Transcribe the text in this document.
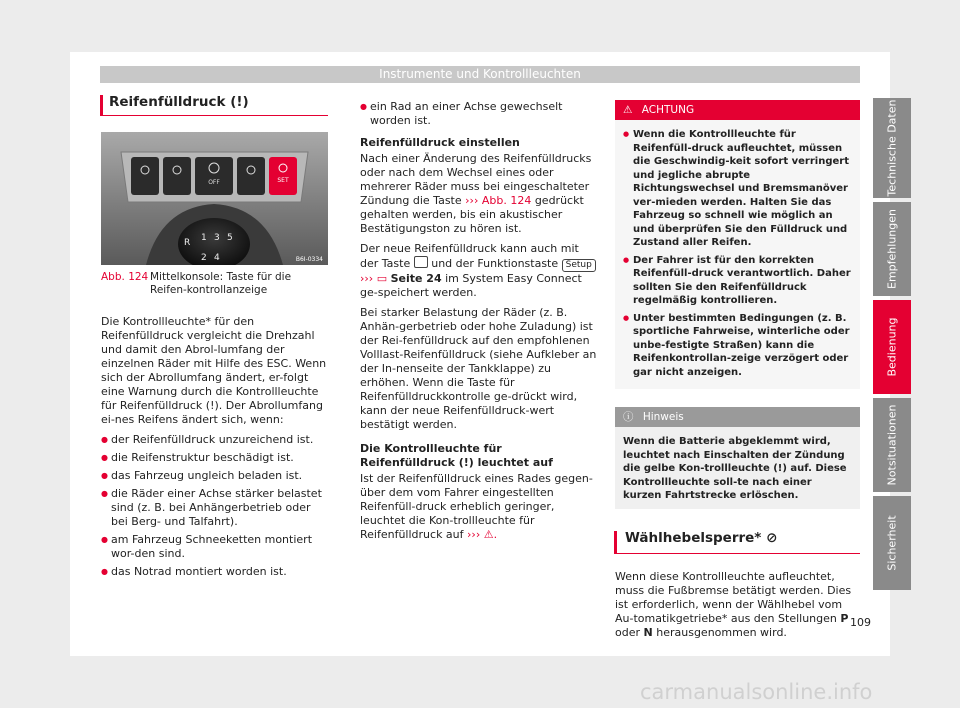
Instrumente und Kontrollleuchten
Reifenfülldruck (!)
OFF	SET
R 1 3 5
2 4	B6I-0334
Abb. 124 Mittelkonsole: Taste für die Reifen-kontrollanzeige

Die Kontrollleuchte* für den Reifenfülldruck vergleicht die Drehzahl und damit den Abrol-lumfang der einzelnen Räder mit Hilfe des ESC. Wenn sich der Abrollumfang ändert, er-folgt eine Warnung durch die Kontrollleuchte für Reifenfülldruck (!). Der Abrollumfang ei-nes Reifens ändert sich, wenn:

● der Reifenfülldruck unzureichend ist.
● die Reifenstruktur beschädigt ist.
● das Fahrzeug ungleich beladen ist.
● die Räder einer Achse stärker belastet sind (z. B. bei Anhängerbetrieb oder bei Berg- und Talfahrt).
● am Fahrzeug Schneeketten montiert wor-den sind.
● das Notrad montiert worden ist.
● ein Rad an einer Achse gewechselt worden ist.
Reifenfülldruck einstellen

Nach einer Änderung des Reifenfülldrucks oder nach dem Wechsel eines oder mehrerer Räder muss bei eingeschalteter Zündung die Taste ››› Abb. 124 gedrückt gehalten werden, bis ein akustischer Bestätigungston zu hören ist.

Der neue Reifenfülldruck kann auch mit der Taste und der Funktionstaste Setup ››› ▭ Seite 24 im System Easy Connect ge-speichert werden.

Bei starker Belastung der Räder (z. B. Anhän-gerbetrieb oder hohe Zuladung) ist der Rei-fenfülldruck auf den empfohlenen Volllast-Reifenfülldruck (siehe Aufkleber an der In-nenseite der Tankklappe) zu erhöhen. Wenn die Taste für Reifenfülldruckkontrolle ge-drückt wird, kann der neue Reifenfülldruck-wert bestätigt werden.

Die Kontrollleuchte für Reifenfülldruck (!) leuchtet auf

Ist der Reifenfülldruck eines Rades gegen-über dem vom Fahrer eingestellten Reifenfüll-druck erheblich geringer, leuchtet die Kon-trollleuchte für Reifenfülldruck auf ››› ⚠.

⚠ ACHTUNG
● Wenn die Kontrollleuchte für Reifenfüll-druck aufleuchtet, müssen die Geschwindig-keit sofort verringert und jegliche abrupte Richtungswechsel und Bremsmanöver ver-mieden werden. Halten Sie das Fahrzeug so schnell wie möglich an und überprüfen Sie den Fülldruck und Zustand aller Reifen.
● Der Fahrer ist für den korrekten Reifenfüll-druck verantwortlich. Daher sollten Sie den Reifenfülldruck regelmäßig kontrollieren.
● Unter bestimmten Bedingungen (z. B. sportliche Fahrweise, winterliche oder unbe-festigte Straßen) kann die Reifenkontrollan-zeige verzögert oder gar nicht anzeigen.
ⓘ Hinweis
Wenn die Batterie abgeklemmt wird, leuchtet nach Einschalten der Zündung die gelbe Kon-trollleuchte (!) auf. Diese Kontrollleuchte soll-te nach einer kurzen Fahrtstrecke erlöschen.
Wählhebelsperre* ⊘

Wenn diese Kontrollleuchte aufleuchtet, muss die Fußbremse betätigt werden. Dies ist erforderlich, wenn der Wählhebel vom Au-tomatikgetriebe* aus den Stellungen P oder N herausgenommen wird.

Technische Daten
Empfehlungen
Bedienung
Notsituationen
Sicherheit
109
carmanualsonline.info
